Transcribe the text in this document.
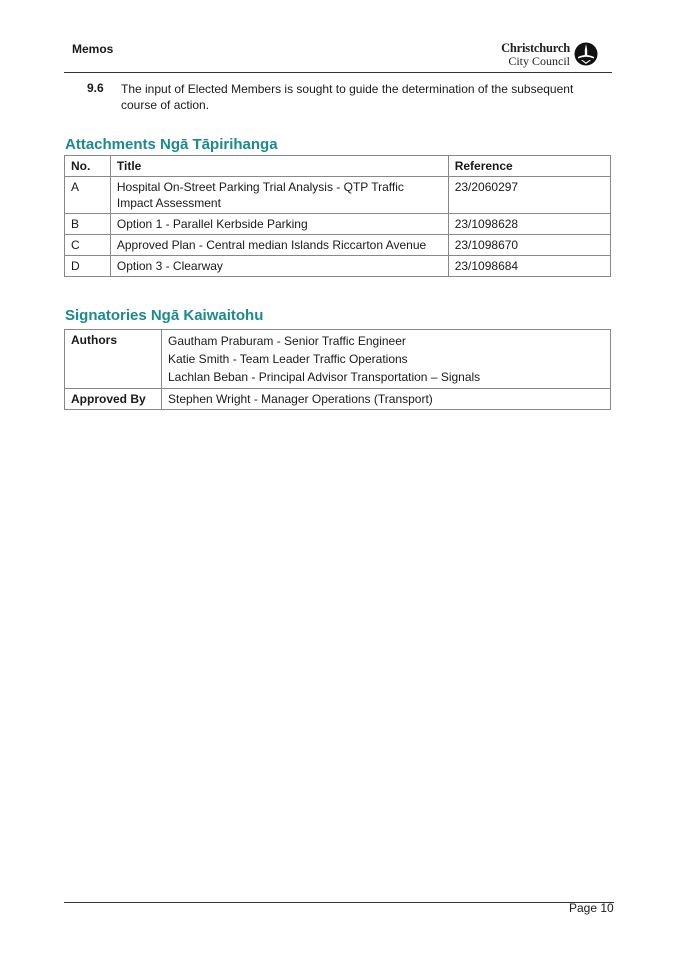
Memos	Christchurch
City Council
9.6 The input of Elected Members is sought to guide the determination of the subsequent course of action.
Attachments Ngā Tāpirihanga
No.	Title	Reference
A	Hospital On-Street Parking Trial Analysis - QTP Traffic Impact Assessment	23/2060297
B	Option 1 - Parallel Kerbside Parking	23/1098628
C	Approved Plan - Central median Islands Riccarton Avenue	23/1098670
D	Option 3 - Clearway	23/1098684
Signatories Ngā Kaiwaitohu
Authors	Gautham Praburam - Senior Traffic Engineer
Katie Smith - Team Leader Traffic Operations
Lachlan Beban - Principal Advisor Transportation – Signals

Approved By	Stephen Wright - Manager Operations (Transport)
Page 10
